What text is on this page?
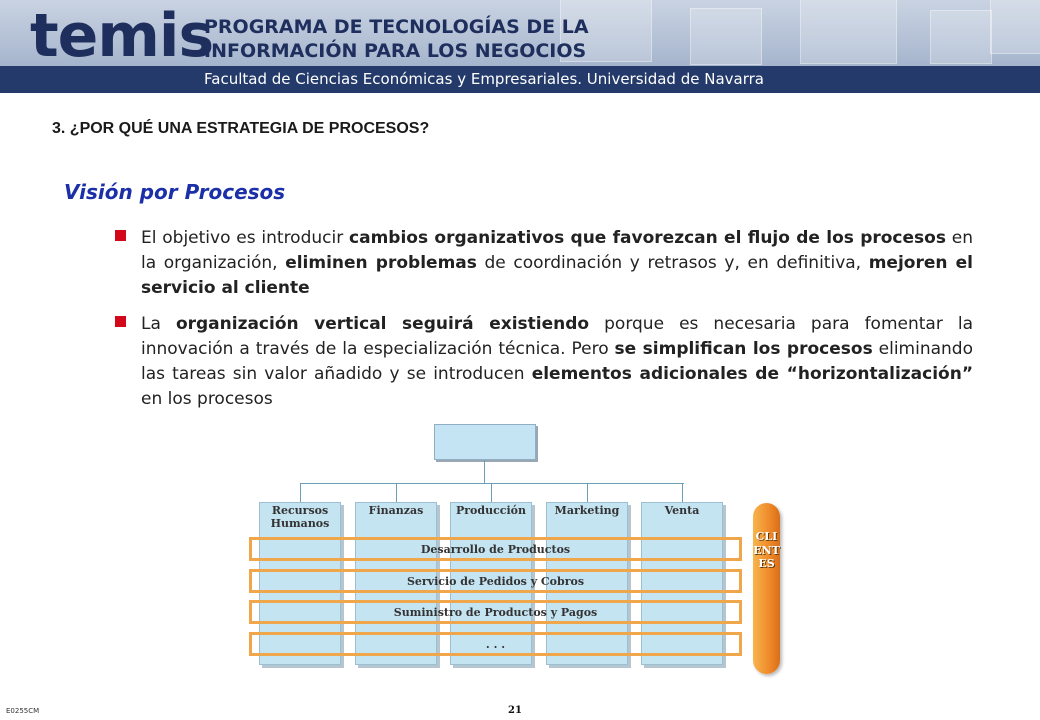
temis
PROGRAMA DE TECNOLOGÍAS DE LA
INFORMACIÓN PARA LOS NEGOCIOS
Facultad de Ciencias Económicas y Empresariales. Universidad de Navarra
3. ¿POR QUÉ UNA ESTRATEGIA DE PROCESOS?
Visión por Procesos
El objetivo es introducir cambios organizativos que favorezcan el flujo de los procesos en la organización, eliminen problemas de coordinación y retrasos y, en definitiva, mejoren el servicio al cliente
La organización vertical seguirá existiendo porque es necesaria para fomentar la innovación a través de la especialización técnica. Pero se simplifican los procesos eliminando las tareas sin valor añadido y se introducen elementos adicionales de “horizontalización” en los procesos
Recursos Humanos
Finanzas	Producción	Marketing	Venta
Desarrollo de Productos
Servicio de Pedidos y Cobros
Suministro de Productos y Pagos
. . .
CLIENTES
E0255CM	21
